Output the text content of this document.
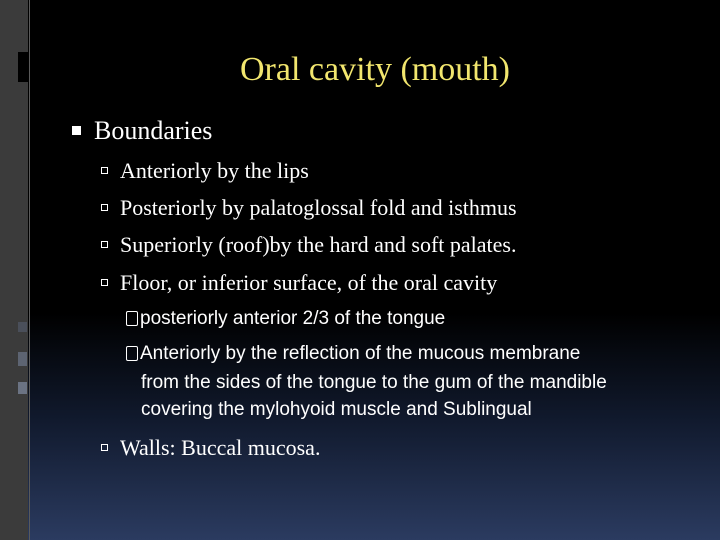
Oral cavity (mouth)
Boundaries
Anteriorly by the lips
Posteriorly by palatoglossal fold and isthmus
Superiorly (roof)by the hard and soft palates.
Floor, or inferior surface, of the oral cavity
posteriorly anterior 2/3 of the tongue
Anteriorly by the reflection of the mucous membrane
from the sides of the tongue to the gum of the mandible
covering the mylohyoid muscle and Sublingual
Walls: Buccal mucosa.
